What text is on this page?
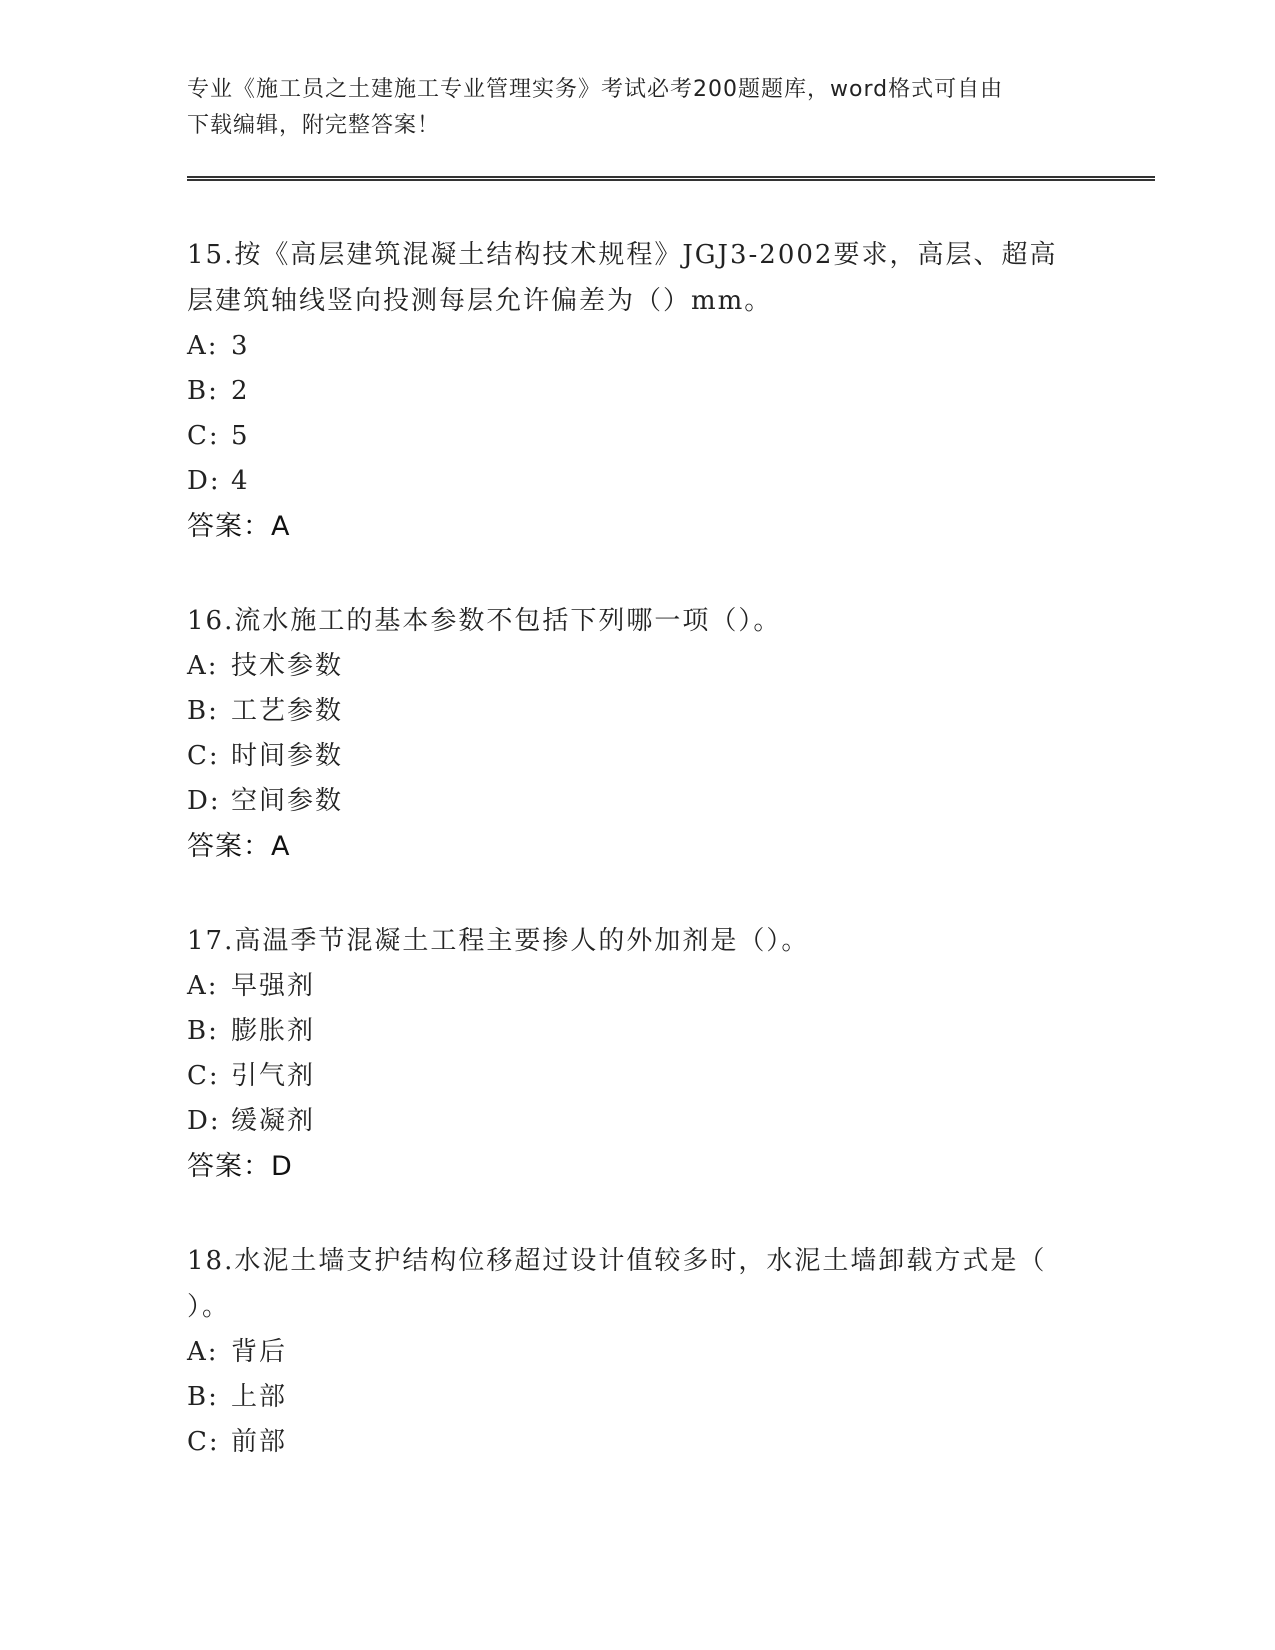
专业《施工员之土建施工专业管理实务》考试必考200题题库，word格式可自由
下载编辑，附完整答案！
15.按《高层建筑混凝土结构技术规程》JGJ3-2002要求，高层、超高
层建筑轴线竖向投测每层允许偏差为（）mm。
A: 3
B: 2
C: 5
D: 4
答案：A
16.流水施工的基本参数不包括下列哪一项（）。
A: 技术参数
B: 工艺参数
C: 时间参数
D: 空间参数
答案：A
17.高温季节混凝土工程主要掺人的外加剂是（）。
A: 早强剂
B: 膨胀剂
C: 引气剂
D: 缓凝剂
答案：D
18.水泥土墙支护结构位移超过设计值较多时，水泥土墙卸载方式是（
）。
A: 背后
B: 上部
C: 前部
